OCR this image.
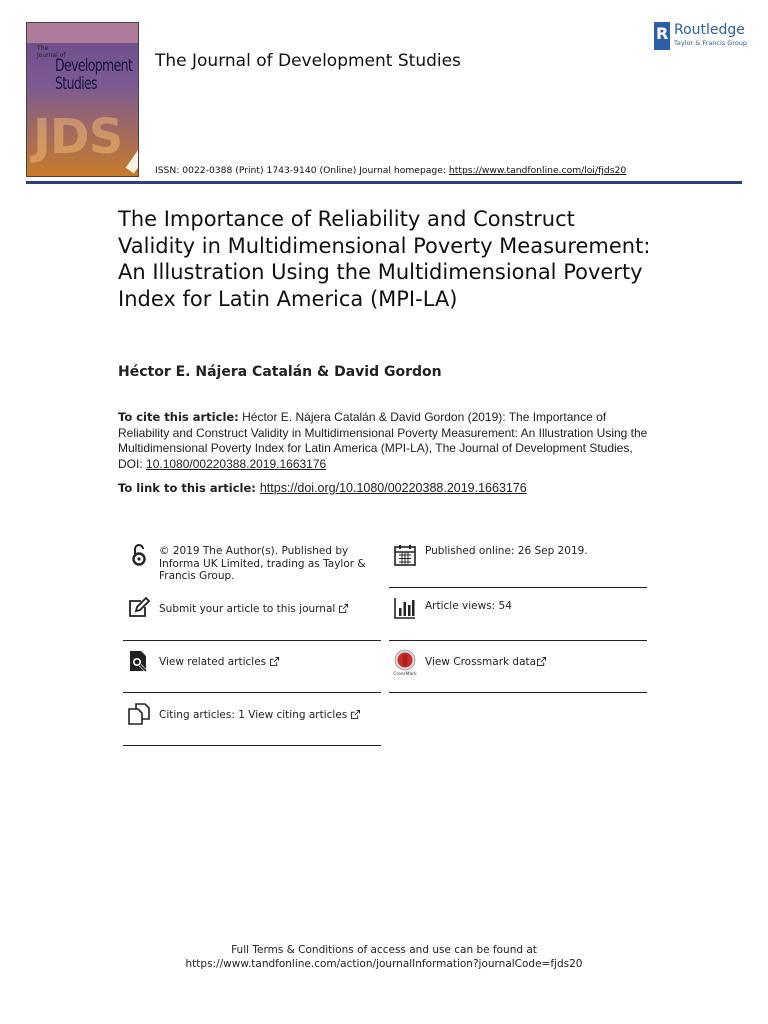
The
Journal of
Development
Studies
JDS
The Journal of Development Studies
R
Routledge
Taylor & Francis Group
ISSN: 0022-0388 (Print) 1743-9140 (Online) Journal homepage: https://www.tandfonline.com/loi/fjds20
The Importance of Reliability and Construct Validity in Multidimensional Poverty Measurement: An Illustration Using the Multidimensional Poverty Index for Latin America (MPI-LA)
Héctor E. Nájera Catalán & David Gordon
To cite this article: Héctor E. Nájera Catalán & David Gordon (2019): The Importance of Reliability and Construct Validity in Multidimensional Poverty Measurement: An Illustration Using the Multidimensional Poverty Index for Latin America (MPI-LA), The Journal of Development Studies, DOI: 10.1080/00220388.2019.1663176
To link to this article: https://doi.org/10.1080/00220388.2019.1663176
© 2019 The Author(s). Published by Informa UK Limited, trading as Taylor & Francis Group.
Published online: 26 Sep 2019.
Submit your article to this journal	Article views: 54
View related articles
CrossMark
View Crossmark data
Citing articles: 1 View citing articles
Full Terms & Conditions of access and use can be found at
https://www.tandfonline.com/action/journalInformation?journalCode=fjds20
